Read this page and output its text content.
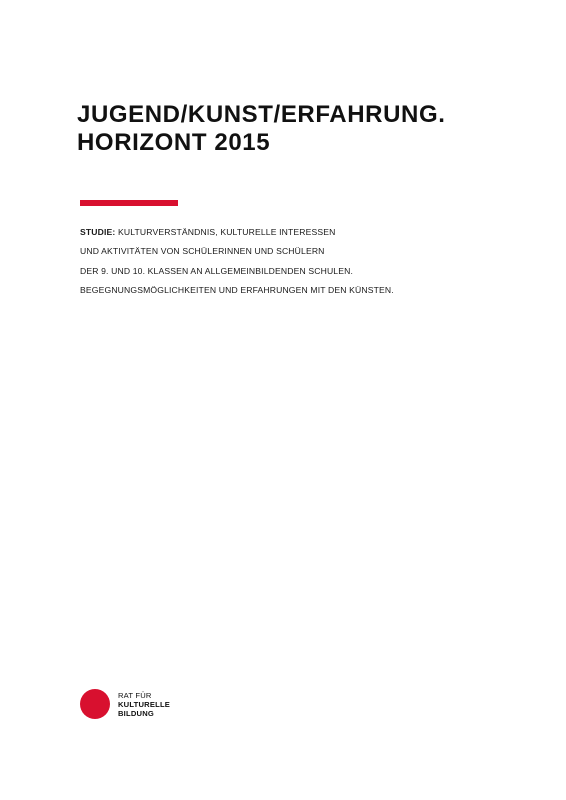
JUGEND/KUNST/ERFAHRUNG.
HORIZONT 2015
STUDIE: KULTURVERSTÄNDNIS, KULTURELLE INTERESSEN
UND AKTIVITÄTEN VON SCHÜLERINNEN UND SCHÜLERN
DER 9. UND 10. KLASSEN AN ALLGEMEINBILDENDEN SCHULEN.
BEGEGNUNGSMÖGLICHKEITEN UND ERFAHRUNGEN MIT DEN KÜNSTEN.
RAT FÜR
KULTURELLE
BILDUNG
